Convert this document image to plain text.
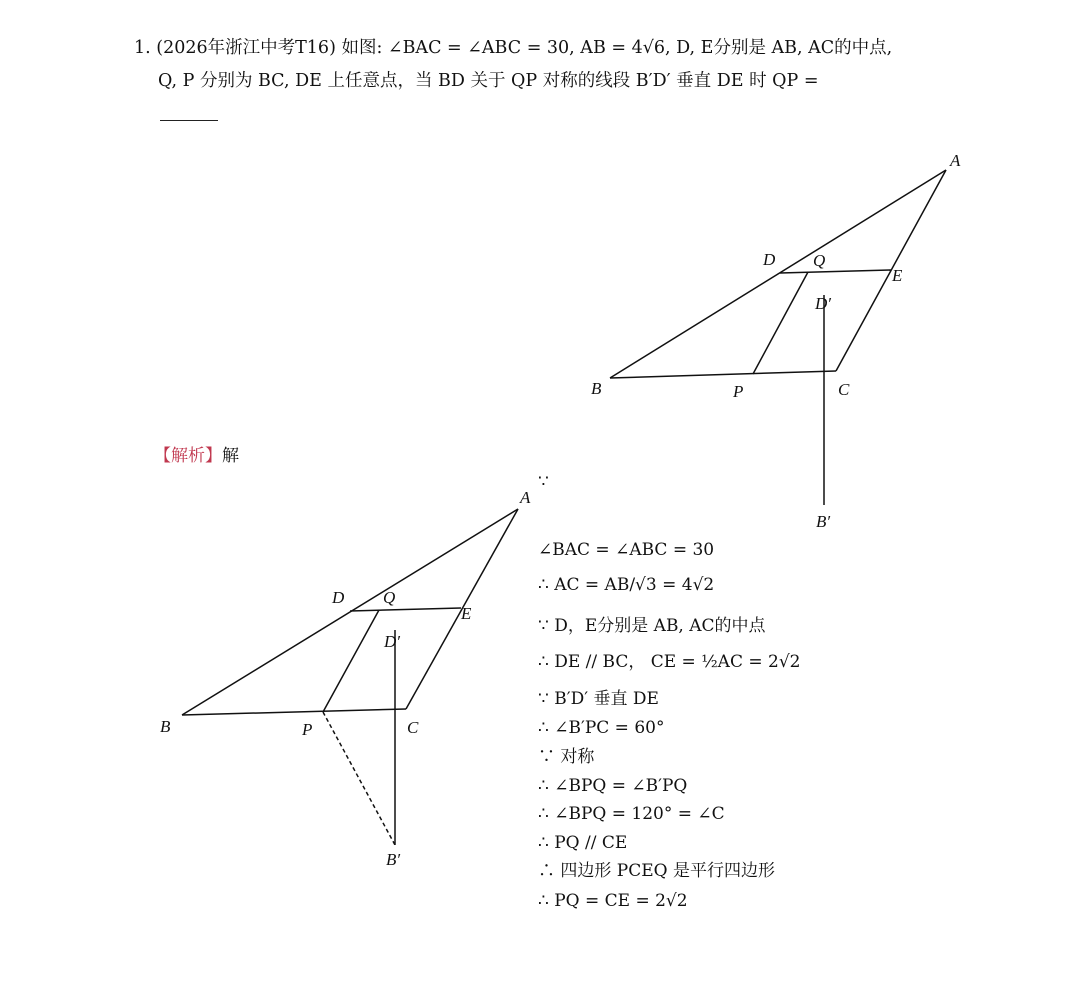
1. (2026年浙江中考T16) 如图: ∠BAC = ∠ABC = 30, AB = 4√6, D, E分别是 AB, AC的中点,
Q, P 分别为 BC, DE 上任意点，当 BD 关于 QP 对称的线段 B′D′ 垂直 DE 时 QP =
A
B	C
D
E
Q
P
D′
B′
【解析】解
∵
A
B	C
D
E
Q
P
D′
B′
∠BAC = ∠ABC = 30
∴ AC = AB/√3 = 4√2
∵ D，E分别是 AB, AC的中点
∴ DE // BC， CE = ½AC = 2√2
∵ B′D′ 垂直 DE
∴ ∠B′PC = 60°
∵ 对称
∴ ∠BPQ = ∠B′PQ
∴ ∠BPQ = 120° = ∠C
∴ PQ // CE
∴ 四边形 PCEQ 是平行四边形
∴ PQ = CE = 2√2
